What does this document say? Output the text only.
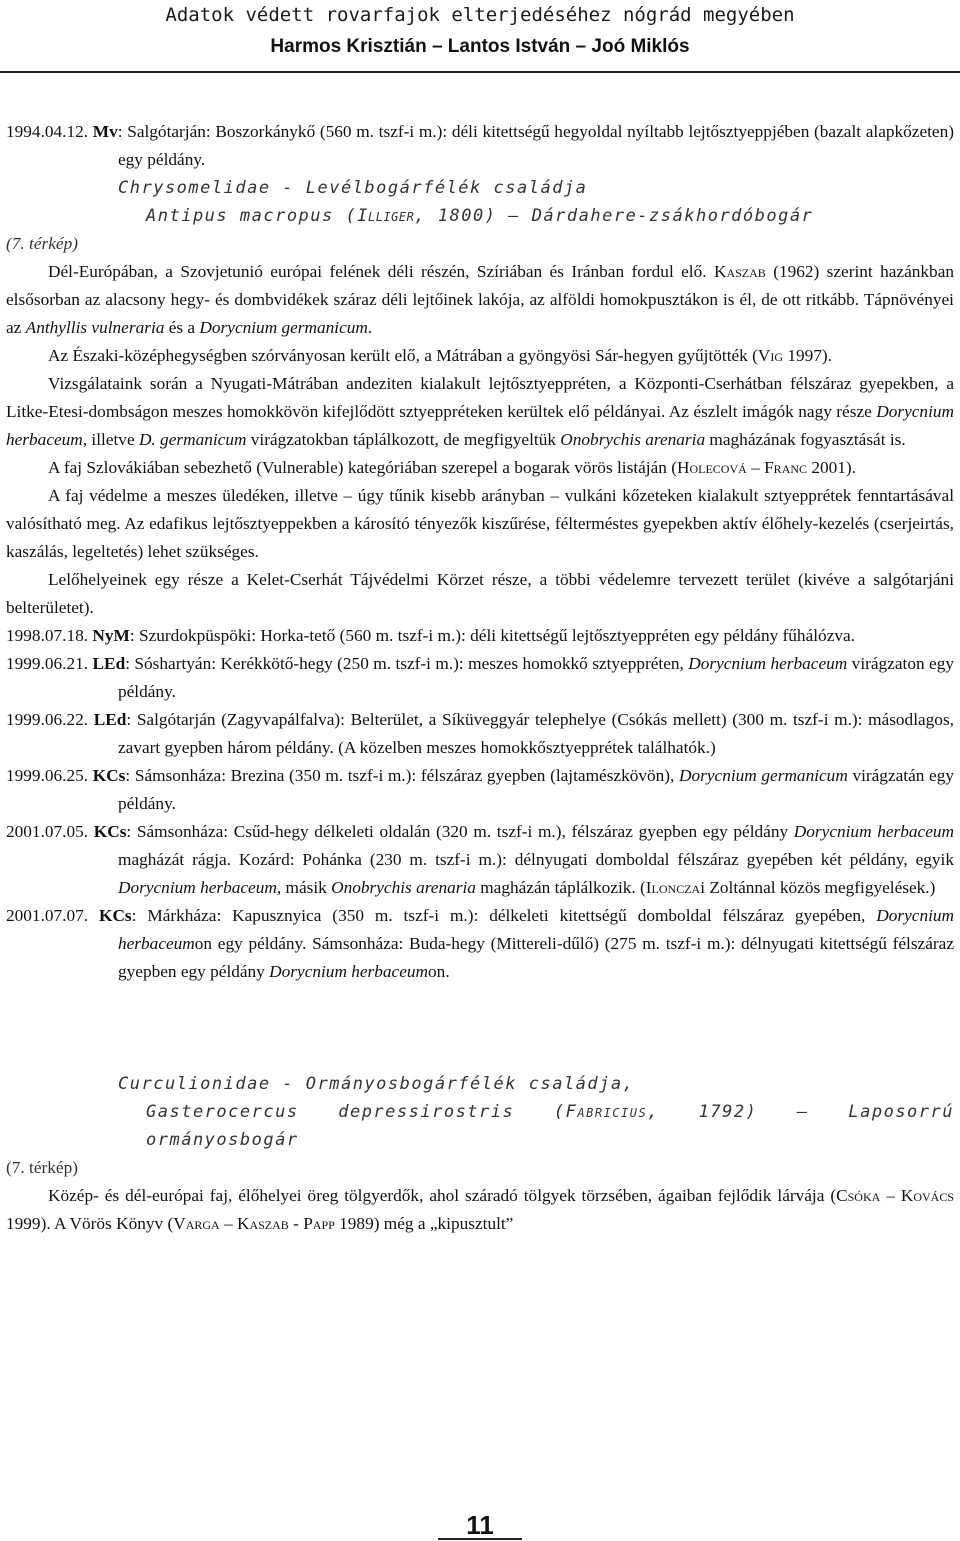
Adatok védett rovarfajok elterjedéséhez nógrád megyében
Harmos Krisztián – Lantos István – Joó Miklós

1994.04.12. Mv: Salgótarján: Boszorkánykő (560 m. tszf-i m.): déli kitettségű hegyoldal nyíltabb lejtősztyeppjében (bazalt alapkőzeten) egy példány.

Chrysomelidae - Levélbogárfélék családja

Antipus macropus (Illiger, 1800) – Dárdahere-zsákhordóbogár

(7. térkép)

Dél-Európában, a Szovjetunió európai felének déli részén, Szíriában és Iránban fordul elő. Kaszab (1962) szerint hazánkban elsősorban az alacsony hegy- és dombvidékek száraz déli lejtőinek lakója, az alföldi homokpusztákon is él, de ott ritkább. Tápnövényei az Anthyllis vulneraria és a Dorycnium germanicum.

Az Északi-középhegységben szórványosan került elő, a Mátrában a gyöngyösi Sár-hegyen gyűjtötték (Vig 1997).

Vizsgálataink során a Nyugati-Mátrában andeziten kialakult lejtősztyeppréten, a Központi-Cserhátban félszáraz gyepekben, a Litke-Etesi-dombságon meszes homokkövön kifejlődött sztyeppréteken kerültek elő példányai. Az észlelt imágók nagy része Dorycnium herbaceum, illetve D. germanicum virágzatokban táplálkozott, de megfigyeltük Onobrychis arenaria magházának fogyasztását is.

A faj Szlovákiában sebezhető (Vulnerable) kategóriában szerepel a bogarak vörös listáján (Holecová – Franc 2001).

A faj védelme a meszes üledéken, illetve – úgy tűnik kisebb arányban – vulkáni kőzeteken kialakult sztyepprétek fenntartásával valósítható meg. Az edafikus lejtősztyeppekben a károsító tényezők kiszűrése, félterméstes gyepekben aktív élőhely-kezelés (cserjeirtás, kaszálás, legeltetés) lehet szükséges.

Lelőhelyeinek egy része a Kelet-Cserhát Tájvédelmi Körzet része, a többi védelemre tervezett terület (kivéve a salgótarjáni belterületet).

1998.07.18. NyM: Szurdokpüspöki: Horka-tető (560 m. tszf-i m.): déli kitettségű lejtősztyeppréten egy példány fűhálózva.

1999.06.21. LEd: Sóshartyán: Kerékkötő-hegy (250 m. tszf-i m.): meszes homokkő sztyeppréten, Dorycnium herbaceum virágzaton egy példány.

1999.06.22. LEd: Salgótarján (Zagyvapálfalva): Belterület, a Síküveggyár telephelye (Csókás mellett) (300 m. tszf-i m.): másodlagos, zavart gyepben három példány. (A közelben meszes homokkősztyepprétek találhatók.)

1999.06.25. KCs: Sámsonháza: Brezina (350 m. tszf-i m.): félszáraz gyepben (lajtamészkövön), Dorycnium germanicum virágzatán egy példány.

2001.07.05. KCs: Sámsonháza: Csűd-hegy délkeleti oldalán (320 m. tszf-i m.), félszáraz gyepben egy példány Dorycnium herbaceum magházát rágja. Kozárd: Pohánka (230 m. tszf-i m.): délnyugati domboldal félszáraz gyepében két példány, egyik Dorycnium herbaceum, másik Onobrychis arenaria magházán táplálkozik. (Ilonczai Zoltánnal közös megfigyelések.)

2001.07.07. KCs: Márkháza: Kapusznyica (350 m. tszf-i m.): délkeleti kitettségű domboldal félszáraz gyepében, Dorycnium herbaceumon egy példány. Sámsonháza: Buda-hegy (Mittereli-dűlő) (275 m. tszf-i m.): délnyugati kitettségű félszáraz gyepben egy példány Dorycnium herbaceumon.

Curculionidae - Ormányosbogárfélék családja,

Gasterocercus depressirostris (Fabricius, 1792) – Laposorrú ormányosbogár

(7. térkép)

Közép- és dél-európai faj, élőhelyei öreg tölgyerdők, ahol száradó tölgyek törzsében, ágaiban fejlődik lárvája (Csóka – Kovács 1999). A Vörös Könyv (Varga – Kaszab - Papp 1989) még a „kipusztult”

11
